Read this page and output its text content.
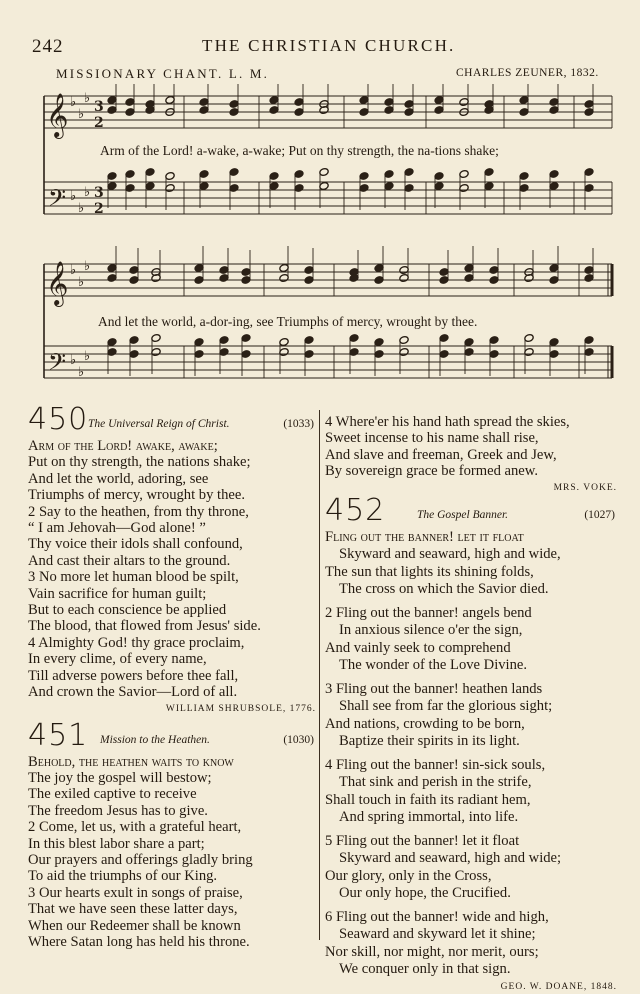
242	THE CHRISTIAN CHURCH.
MISSIONARY CHANT. L. M.	CHARLES ZEUNER, 1832.
𝄞
𝄢
𝄞
𝄢
♭
♭
♭
3
2
♭
♭
♭ 3
2
♭
♭
♭
♭
♭
♭
Arm of the Lord! a-wake, a-wake; Put on thy strength, the na-tions shake;
And let the world, a-dor-ing, see Triumphs of mercy, wrought by thee.
450 The Universal Reign of Christ.	(1033)
Arm of the Lord! awake, awake;
Put on thy strength, the nations shake;
And let the world, adoring, see
Triumphs of mercy, wrought by thee.
2 Say to the heathen, from thy throne,
“ I am Jehovah—God alone! ”
Thy voice their idols shall confound,
And cast their altars to the ground.
3 No more let human blood be spilt,
Vain sacrifice for human guilt;
But to each conscience be applied
The blood, that flowed from Jesus' side.
4 Almighty God! thy grace proclaim,
In every clime, of every name,
Till adverse powers before thee fall,
And crown the Savior—Lord of all.
WILLIAM SHRUBSOLE, 1776.
451 Mission to the Heathen.	(1030)
Behold, the heathen waits to know
The joy the gospel will bestow;
The exiled captive to receive
The freedom Jesus has to give.
2 Come, let us, with a grateful heart,
In this blest labor share a part;
Our prayers and offerings gladly bring
To aid the triumphs of our King.
3 Our hearts exult in songs of praise,
That we have seen these latter days,
When our Redeemer shall be known
Where Satan long has held his throne.
4 Where'er his hand hath spread the skies,
Sweet incense to his name shall rise,
And slave and freeman, Greek and Jew,
By sovereign grace be formed anew.
MRS. VOKE.
452	The Gospel Banner.	(1027)
Fling out the banner! let it float
Skyward and seaward, high and wide,
The sun that lights its shining folds,
The cross on which the Savior died.
2 Fling out the banner! angels bend
In anxious silence o'er the sign,
And vainly seek to comprehend
The wonder of the Love Divine.
3 Fling out the banner! heathen lands
Shall see from far the glorious sight;
And nations, crowding to be born,
Baptize their spirits in its light.
4 Fling out the banner! sin-sick souls,
That sink and perish in the strife,
Shall touch in faith its radiant hem,
And spring immortal, into life.
5 Fling out the banner! let it float
Skyward and seaward, high and wide;
Our glory, only in the Cross,
Our only hope, the Crucified.
6 Fling out the banner! wide and high,
Seaward and skyward let it shine;
Nor skill, nor might, nor merit, ours;
We conquer only in that sign.
GEO. W. DOANE, 1848.
